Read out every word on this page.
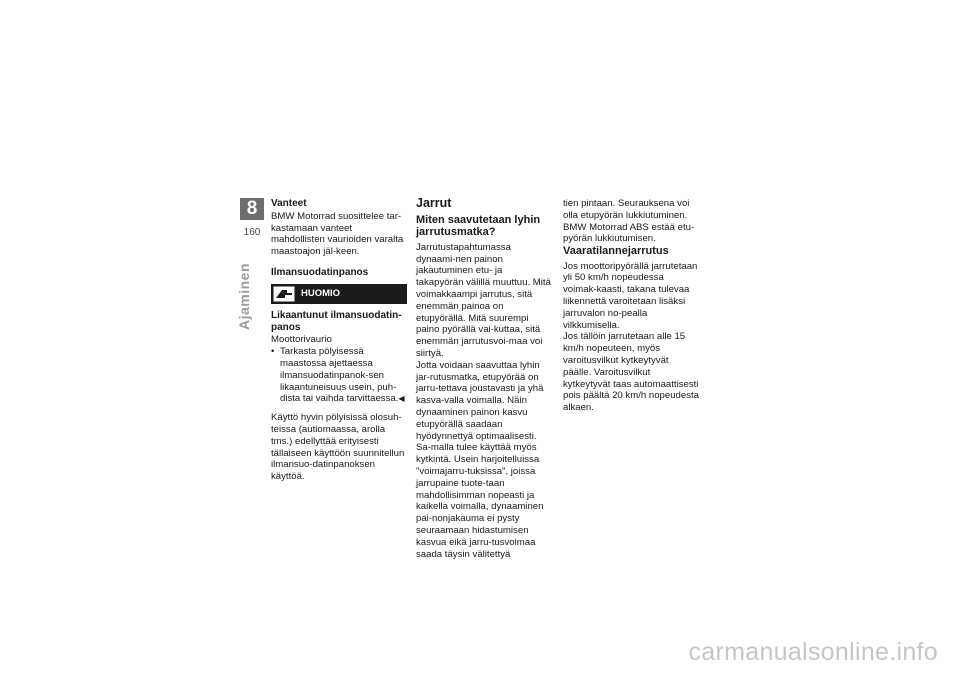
8
160
Ajaminen
Vanteet

BMW Motorrad suosittelee tar-kastamaan vanteet mahdollisten vaurioiden varalta maastoajon jäl-keen.

Ilmansuodatinpanos
HUOMIO
Likaantunut ilmansuodatin-panos

Moottorivaurio

• Tarkasta pölyisessä maastossa ajettaessa ilmansuodatinpanok-sen likaantuneisuus usein, puh-dista tai vaihda tarvittaessa.◀

Käyttö hyvin pölyisissä olosuh-teissa (autiomaassa, arolla tms.) edellyttää erityisesti tällaiseen käyttöön suunnitellun ilmansuo-datinpanoksen käyttöä.

Jarrut
Miten saavutetaan lyhin jarrutusmatka?

Jarrutustapahtumassa dynaami-nen painon jakautuminen etu- ja takapyörän välillä muuttuu. Mitä voimakkaampi jarrutus, sitä enemmän painoa on etupyörällä. Mitä suurempi paino pyörällä vai-kuttaa, sitä enemmän jarrutusvoi-maa voi siirtyä.

Jotta voidaan saavuttaa lyhin jar-rutusmatka, etupyörää on jarru-tettava joustavasti ja yhä kasva-valla voimalla. Näin dynaaminen painon kasvu etupyörällä saadaan hyödynnettyä optimaalisesti. Sa-malla tulee käyttää myös kytkintä. Usein harjoitelluissa "voimajarru-tuksissa", joissa jarrupaine tuote-taan mahdollisimman nopeasti ja kaikella voimalla, dynaaminen pai-nonjakauma ei pysty seuraamaan hidastumisen kasvua eikä jarru-tusvoimaa saada täysin välitettyä

tien pintaan. Seurauksena voi olla etupyörän lukkiutuminen.

BMW Motorrad ABS estää etu-pyörän lukkiutumisen.

Vaaratilannejarrutus

Jos moottoripyörällä jarrutetaan yli 50 km/h nopeudessa voimak-kaasti, takana tulevaa liikennettä varoitetaan lisäksi jarruvalon no-pealla vilkkumisella.

Jos tällöin jarrutetaan alle 15 km/h nopeuteen, myös varoitusvilkut kytkeytyvät päälle. Varoitusvilkut kytkeytyvät taas automaattisesti pois päältä 20 km/h nopeudesta alkaen.

carmanualsonline.info
